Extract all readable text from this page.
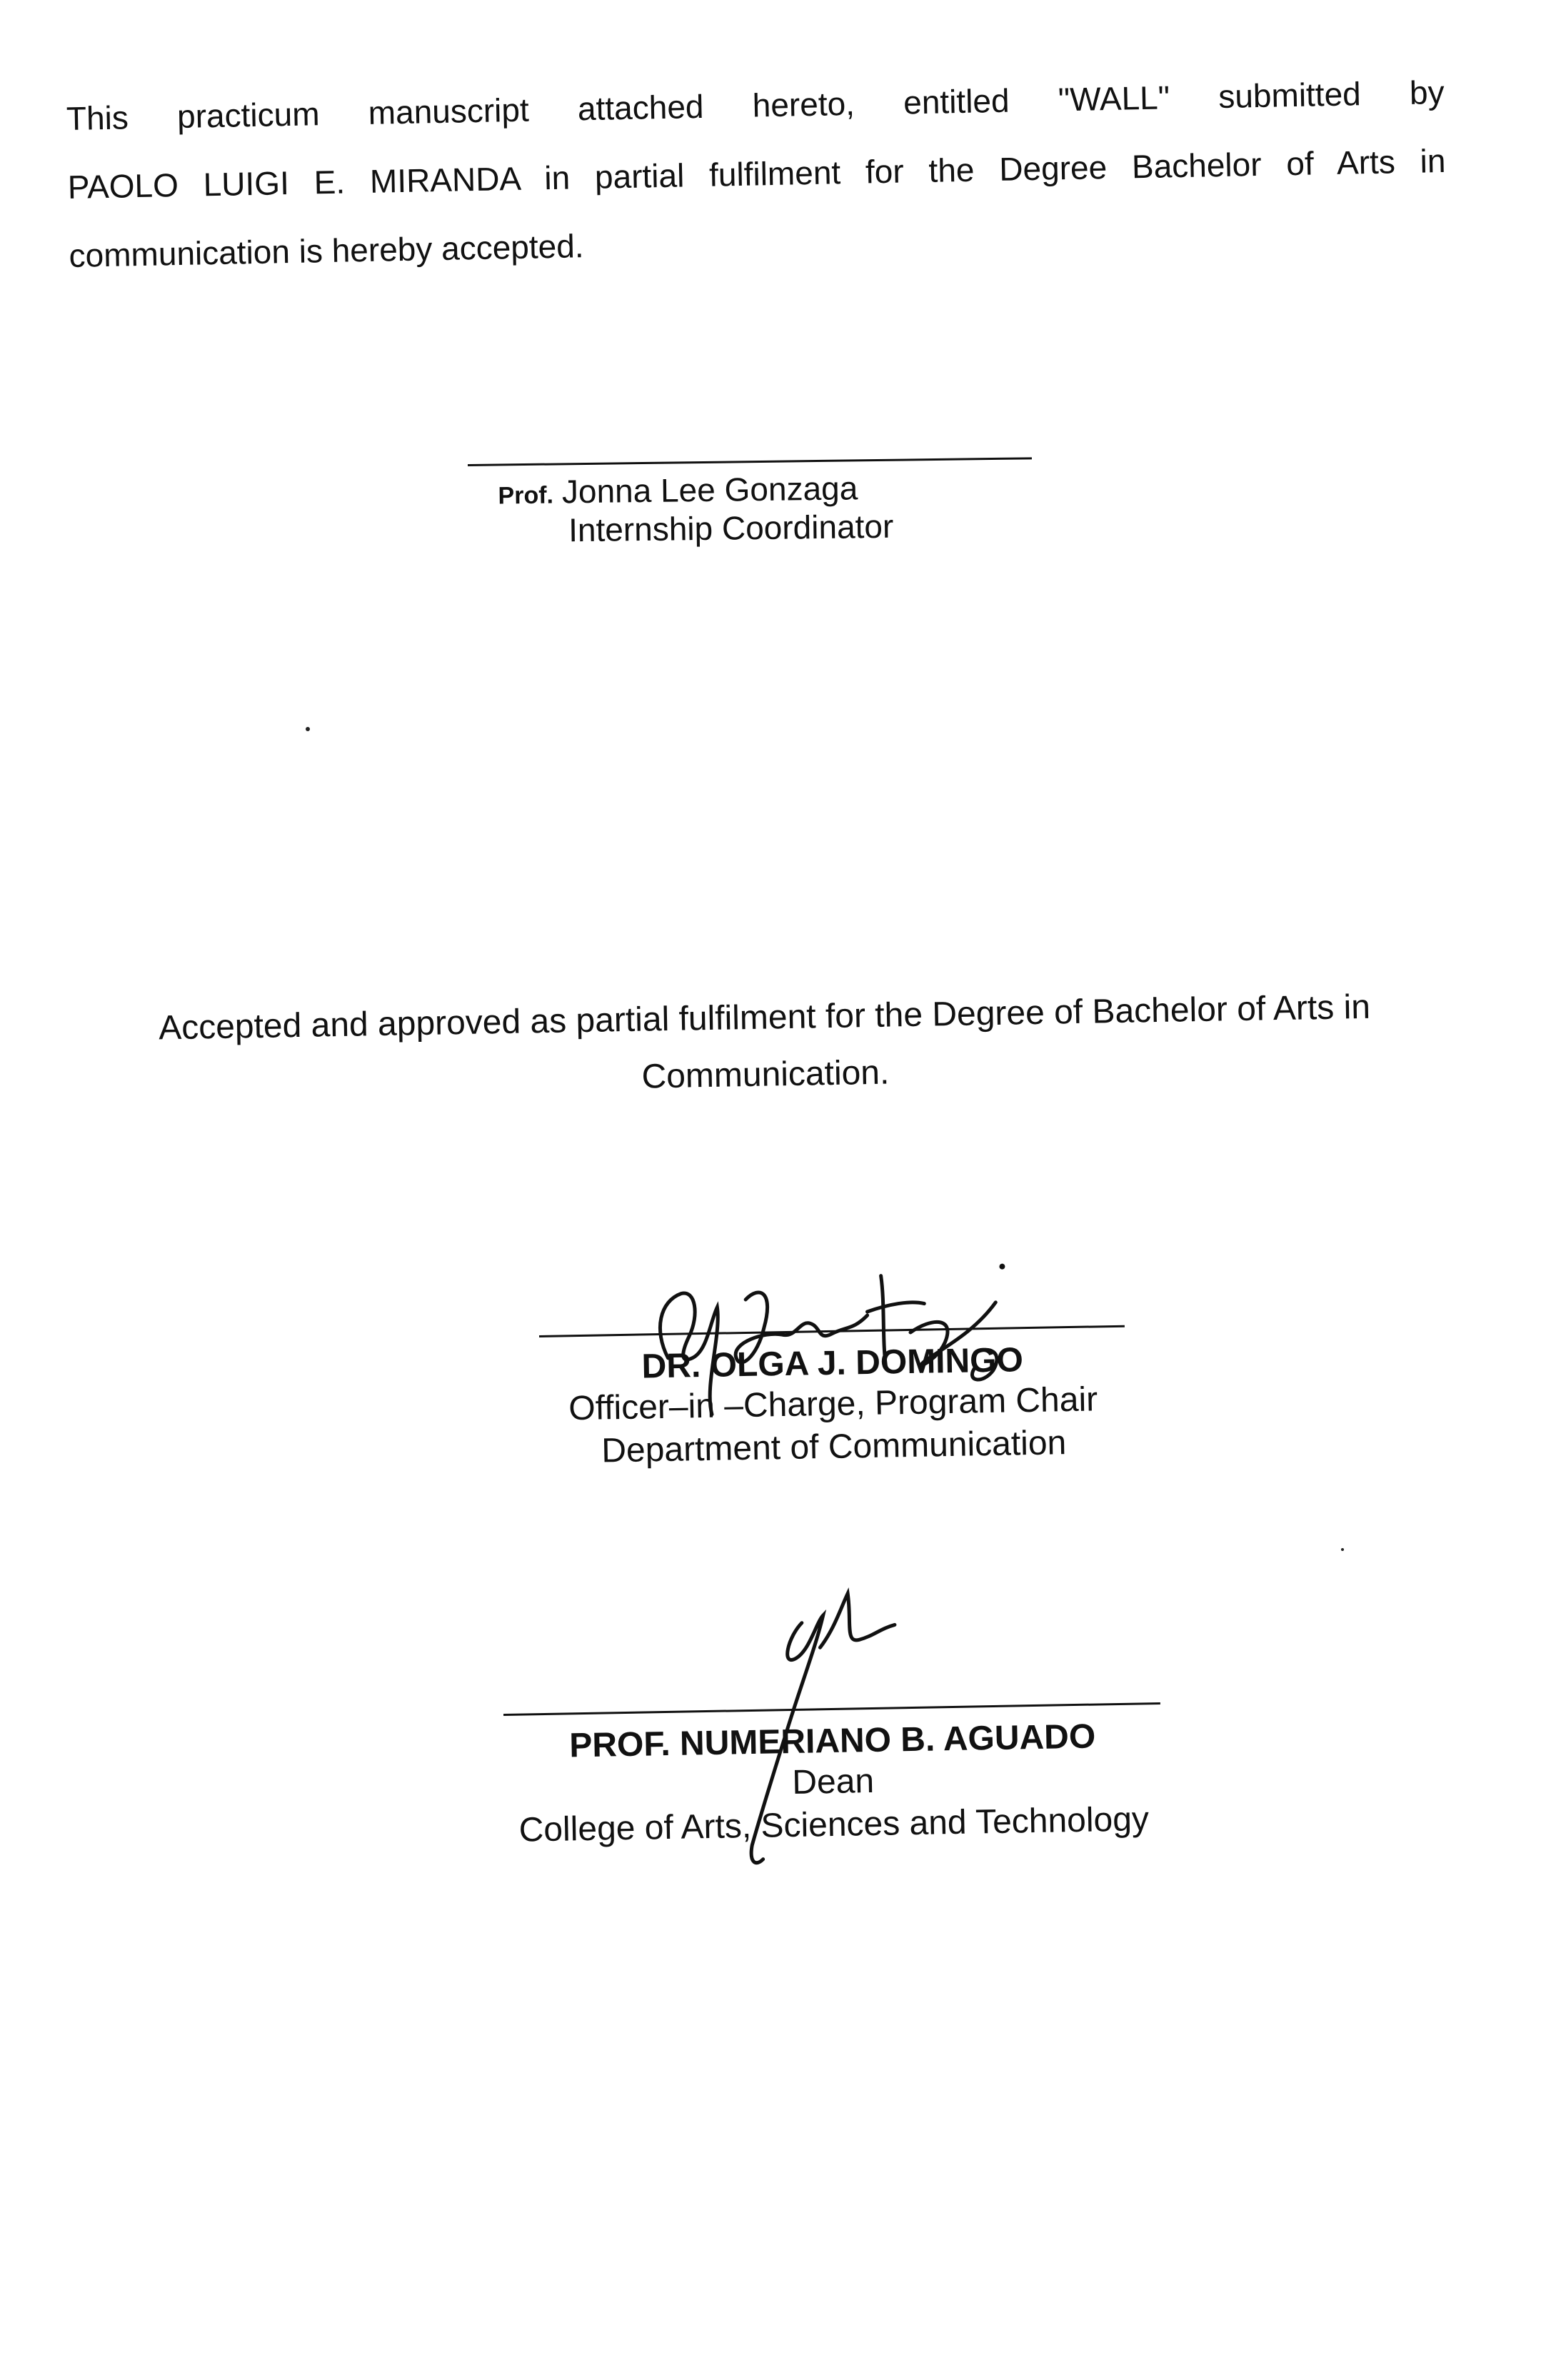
This practicum manuscript attached hereto, entitled "WALL" submitted by
PAOLO LUIGI E. MIRANDA in partial fulfilment for the Degree Bachelor of Arts in
communication is hereby accepted.
Prof. Jonna Lee Gonzaga
Internship Coordinator
Accepted and approved as partial fulfilment for the Degree of Bachelor of Arts in
Communication.
DR. OLGA J. DOMINGO
Officer–in –Charge, Program Chair
Department of Communication
PROF. NUMERIANO B. AGUADO
Dean
College of Arts, Sciences and Technology
